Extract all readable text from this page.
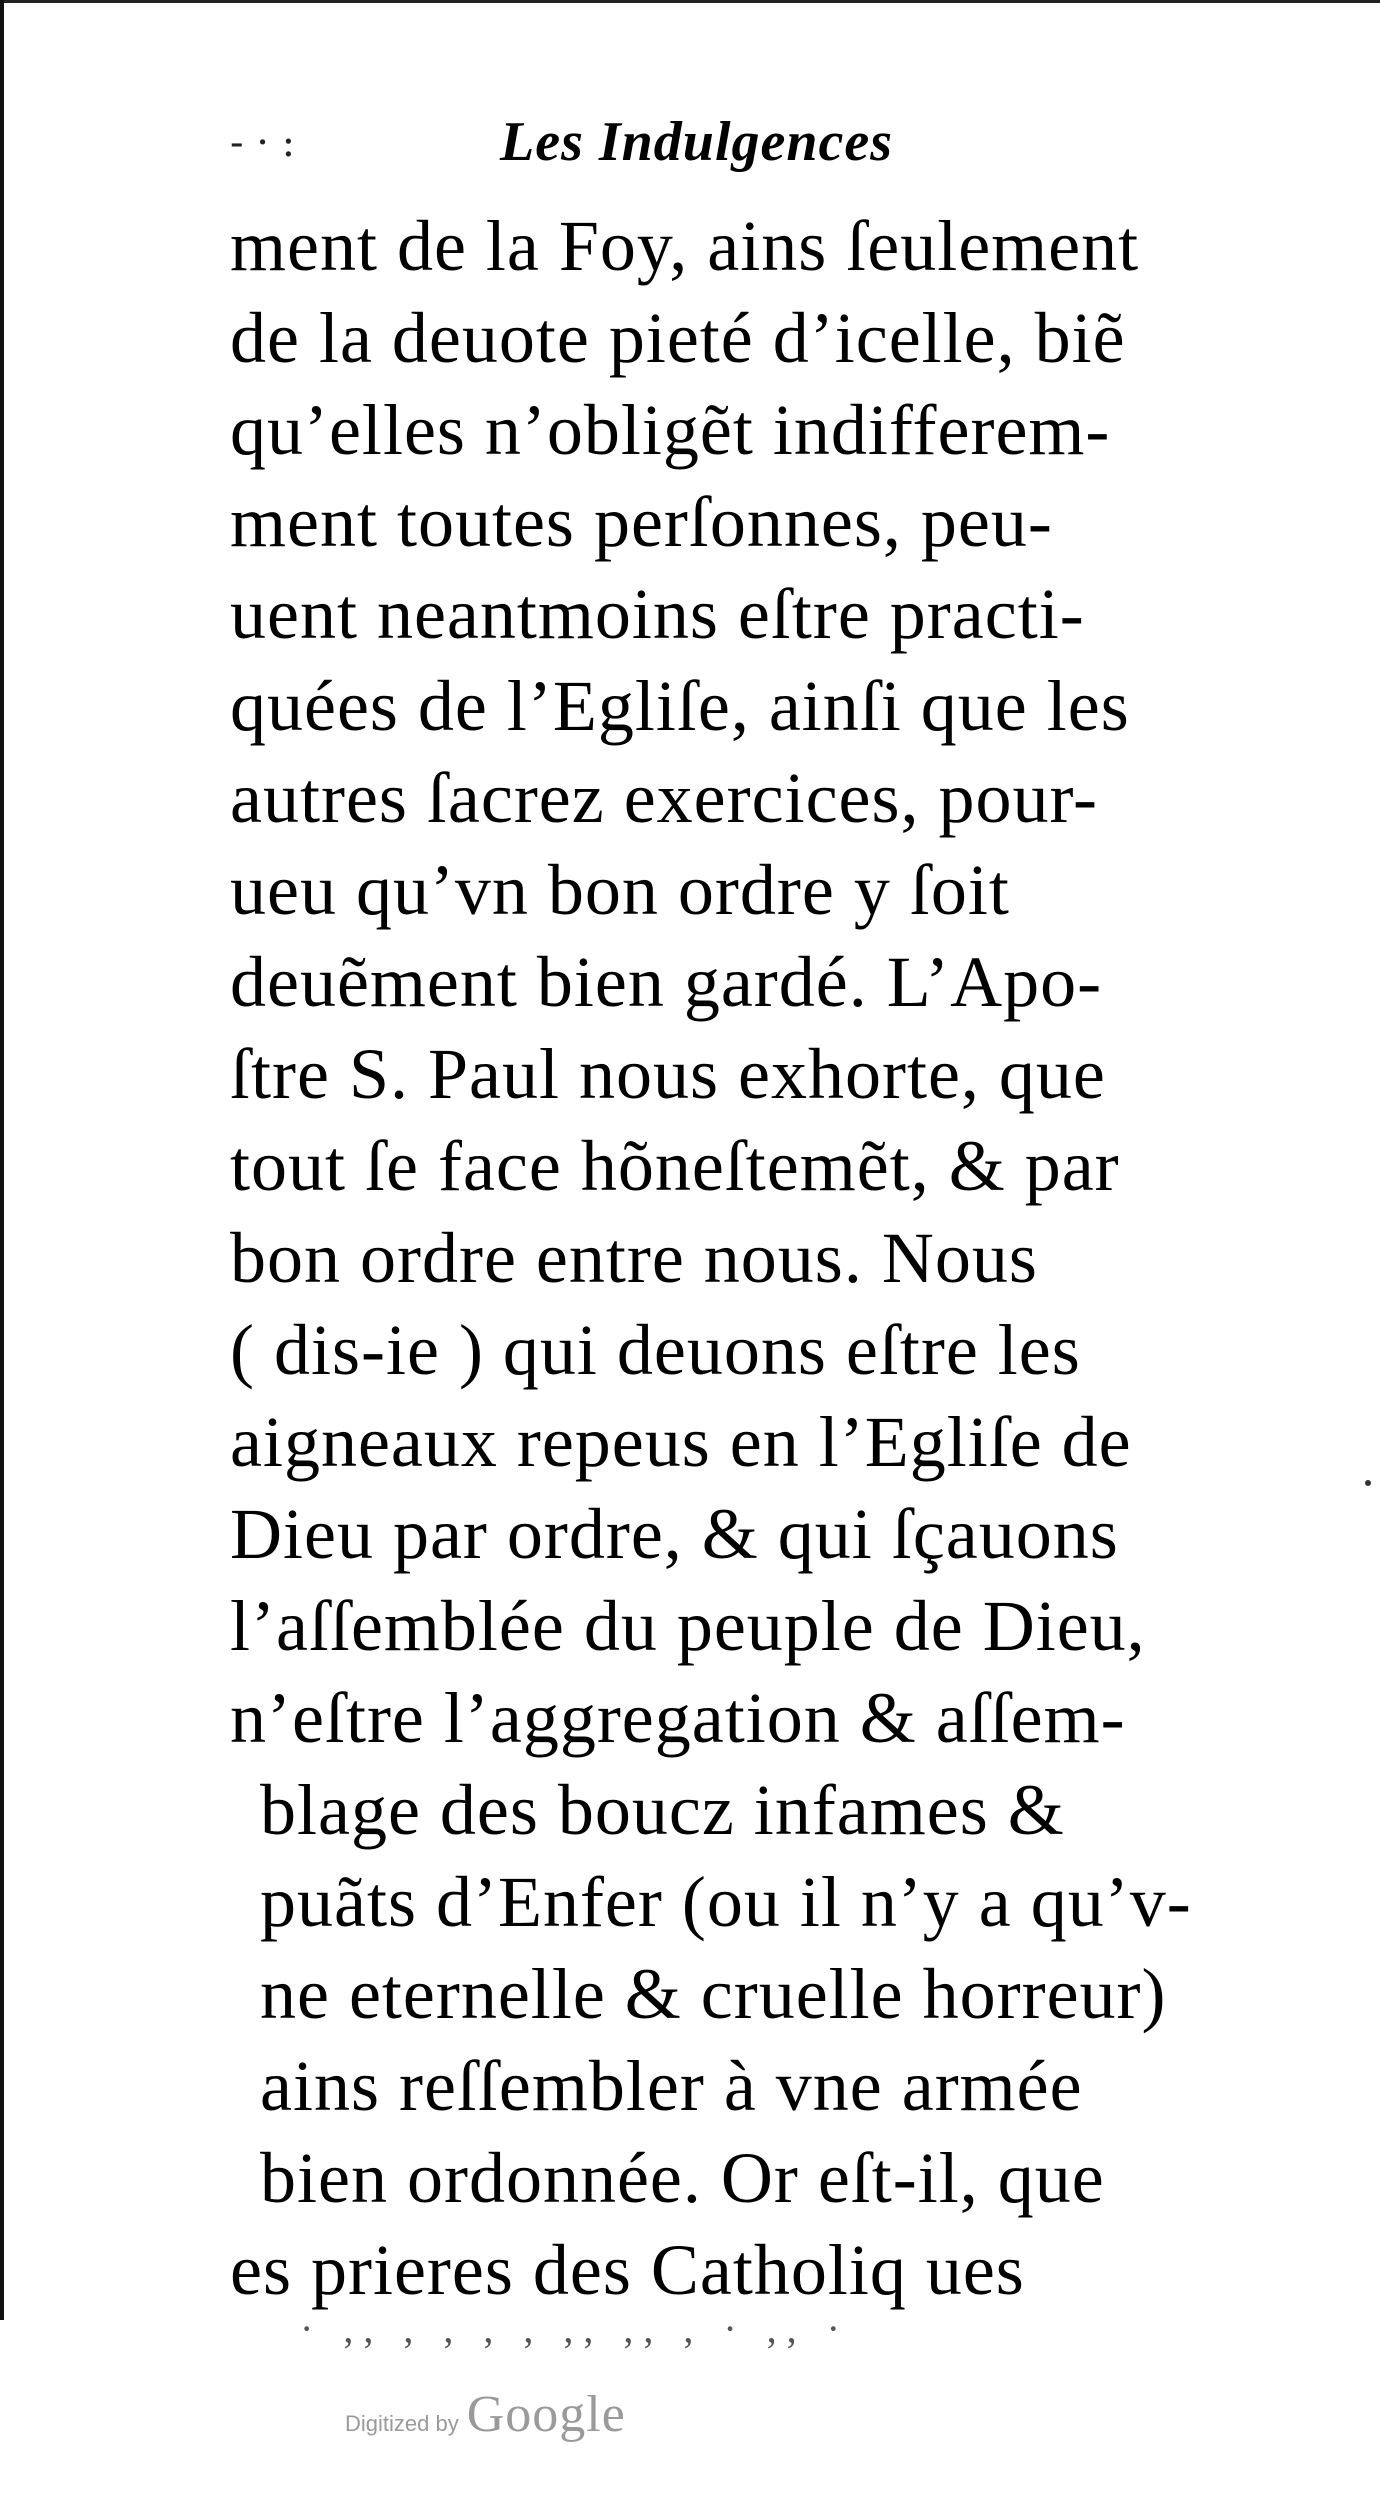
- · :	Les Indulgences
ment de la Foy, ains ſeulement
de la deuote pieté d’icelle, biẽ
qu’elles n’obligẽt indifferem-
ment toutes perſonnes, peu-
uent neantmoins eſtre practi-
quées de l’Egliſe, ainſi que les
autres ſacrez exercices, pour-
ueu qu’vn bon ordre y ſoit
deuẽment bien gardé. L’Apo-
ſtre S. Paul nous exhorte, que
tout ſe face hõneſtemẽt, & par
bon ordre entre nous. Nous
( dis-ie ) qui deuons eſtre les
aigneaux repeus en l’Egliſe de
Dieu par ordre, & qui ſçauons
l’aſſemblée du peuple de Dieu,
n’eſtre l’aggregation & aſſem-
blage des boucz infames &
puãts d’Enfer (ou il n’y a qu’v-
ne eternelle & cruelle horreur)
ains reſſembler à vne armée
bien ordonnée. Or eſt-il, que
es prieres des Catholiq ues
· ,, , , , , ,, ,, , · ,, ·
Digitized by Google
